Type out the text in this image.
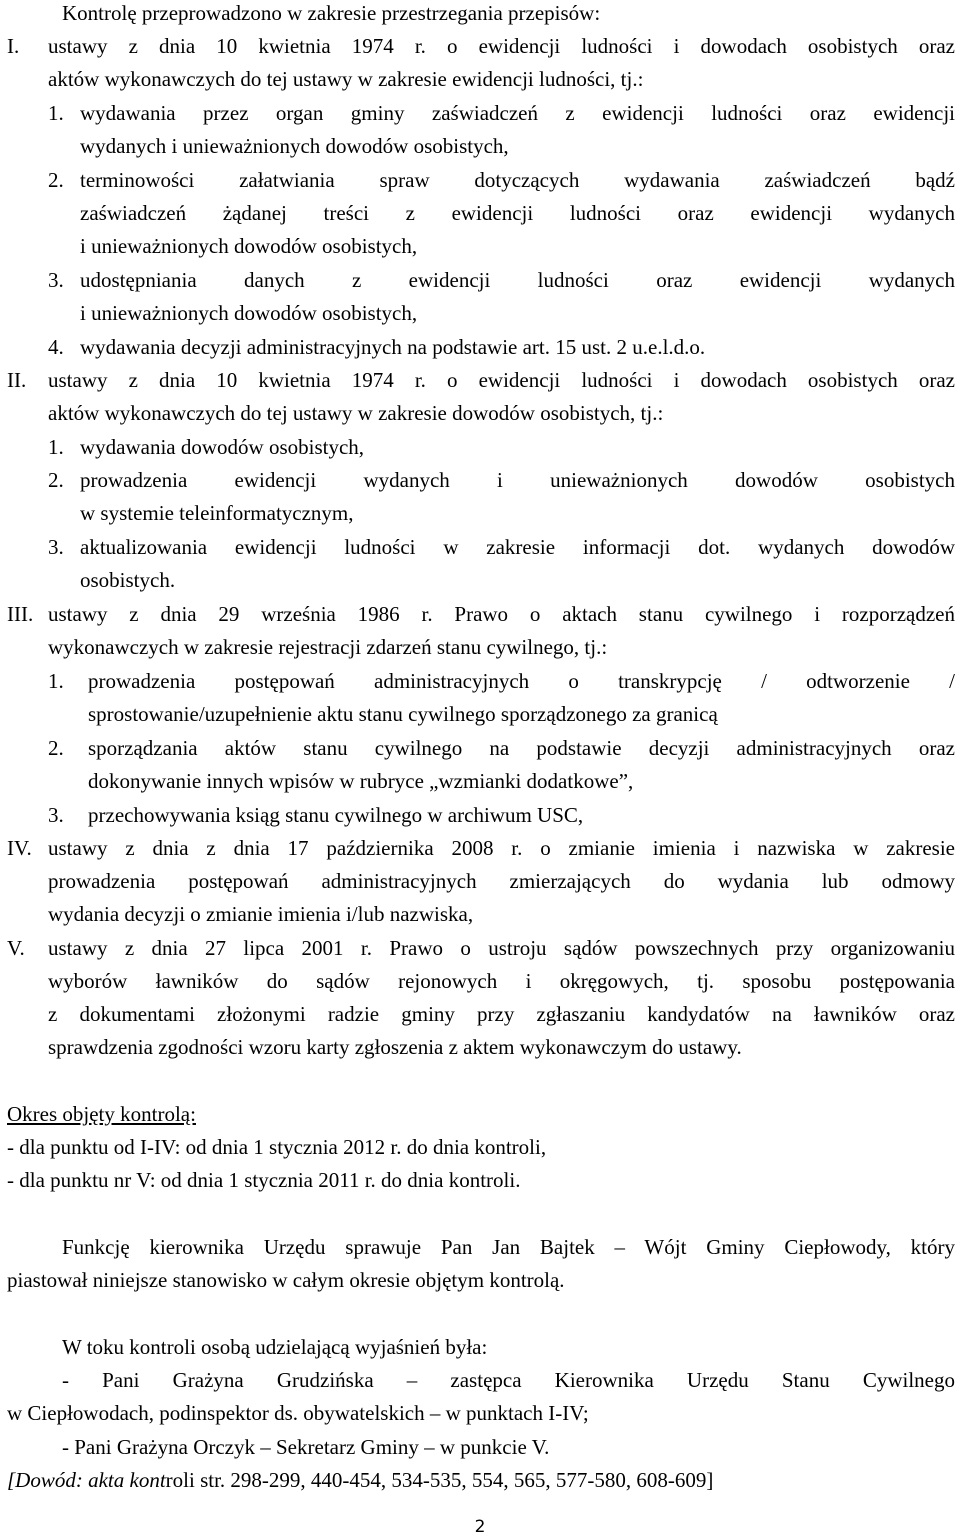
Kontrolę przeprowadzono w zakresie przestrzegania przepisów:
I. ustawy z dnia 10 kwietnia 1974 r. o ewidencji ludności i dowodach osobistych oraz
aktów wykonawczych do tej ustawy w zakresie ewidencji ludności, tj.:
1. wydawania przez organ gminy zaświadczeń z ewidencji ludności oraz ewidencji
wydanych i unieważnionych dowodów osobistych,
2. terminowości załatwiania spraw dotyczących wydawania zaświadczeń bądź
zaświadczeń żądanej treści z ewidencji ludności oraz ewidencji wydanych
i unieważnionych dowodów osobistych,
3. udostępniania danych z ewidencji ludności oraz ewidencji wydanych
i unieważnionych dowodów osobistych,
4. wydawania decyzji administracyjnych na podstawie art. 15 ust. 2 u.e.l.d.o.
II. ustawy z dnia 10 kwietnia 1974 r. o ewidencji ludności i dowodach osobistych oraz
aktów wykonawczych do tej ustawy w zakresie dowodów osobistych, tj.:
1. wydawania dowodów osobistych,
2. prowadzenia ewidencji wydanych i unieważnionych dowodów osobistych
w systemie teleinformatycznym,
3. aktualizowania ewidencji ludności w zakresie informacji dot. wydanych dowodów
osobistych.
III. ustawy z dnia 29 września 1986 r. Prawo o aktach stanu cywilnego i rozporządzeń
wykonawczych w zakresie rejestracji zdarzeń stanu cywilnego, tj.:
1. prowadzenia postępowań administracyjnych o transkrypcję / odtworzenie /
sprostowanie/uzupełnienie aktu stanu cywilnego sporządzonego za granicą
2. sporządzania aktów stanu cywilnego na podstawie decyzji administracyjnych oraz
dokonywanie innych wpisów w rubryce „wzmianki dodatkowe”,
3. przechowywania ksiąg stanu cywilnego w archiwum USC,
IV. ustawy z dnia z dnia 17 października 2008 r. o zmianie imienia i nazwiska w zakresie
prowadzenia postępowań administracyjnych zmierzających do wydania lub odmowy
wydania decyzji o zmianie imienia i/lub nazwiska,
V. ustawy z dnia 27 lipca 2001 r. Prawo o ustroju sądów powszechnych przy organizowaniu
wyborów ławników do sądów rejonowych i okręgowych, tj. sposobu postępowania
z dokumentami złożonymi radzie gminy przy zgłaszaniu kandydatów na ławników oraz
sprawdzenia zgodności wzoru karty zgłoszenia z aktem wykonawczym do ustawy.
Okres objęty kontrolą:
- dla punktu od I-IV: od dnia 1 stycznia 2012 r. do dnia kontroli,
- dla punktu nr V: od dnia 1 stycznia 2011 r. do dnia kontroli.
Funkcję kierownika Urzędu sprawuje Pan Jan Bajtek – Wójt Gminy Ciepłowody, który
piastował niniejsze stanowisko w całym okresie objętym kontrolą.
W toku kontroli osobą udzielającą wyjaśnień była:
- Pani Grażyna Grudzińska – zastępca Kierownika Urzędu Stanu Cywilnego
w Ciepłowodach, podinspektor ds. obywatelskich – w punktach I-IV;
- Pani Grażyna Orczyk – Sekretarz Gminy – w punkcie V.
[Dowód: akta kontroli str. 298-299, 440-454, 534-535, 554, 565, 577-580, 608-609]
2
